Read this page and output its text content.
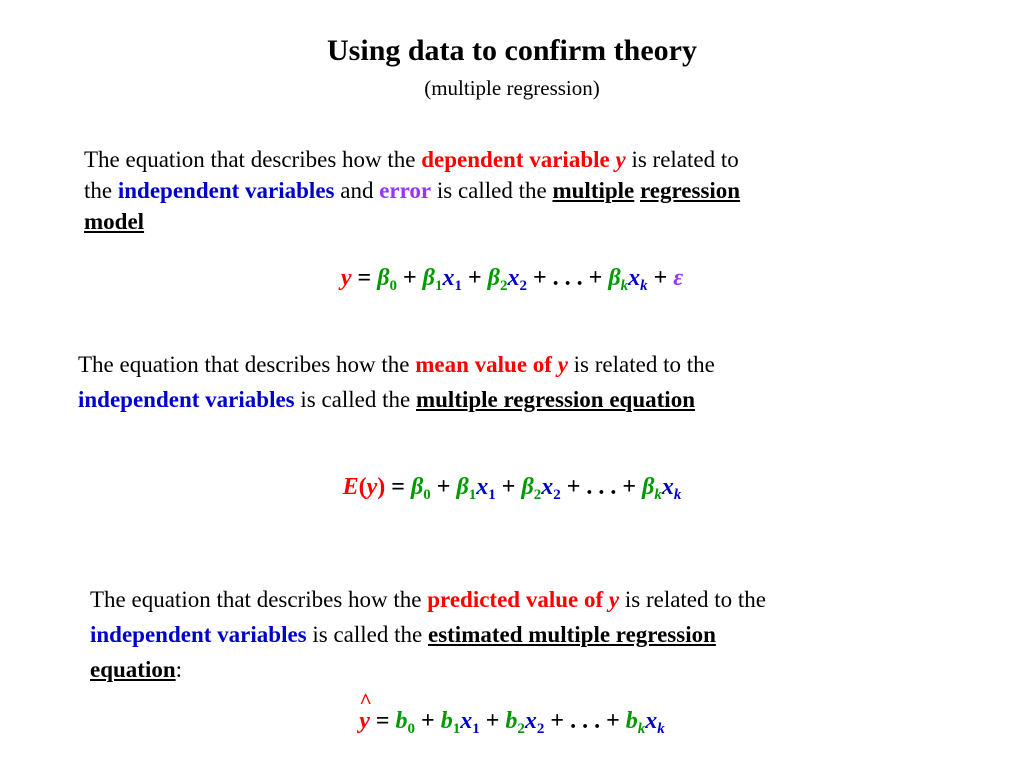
Using data to confirm theory
(multiple regression)
The equation that describes how the dependent variable y is related to
the independent variables and error is called the multiple regression
model
$y = \beta_0 + \beta_1x_1 + \beta_2x_2$ + . . . + $\beta_kx_k + \varepsilon$
The equation that describes how the mean value of y is related to the
independent variables is called the multiple regression equation
$E(y) = \beta_0 + \beta_1x_1 + \beta_2x_2$ + . . . + $\beta_kx_k$
The equation that describes how the predicted value of y is related to the
independent variables is called the estimated multiple regression
equation:
^
$y = b_0 + b_1x_1 + b_2x_2$ + . . . + $b_kx_k$
